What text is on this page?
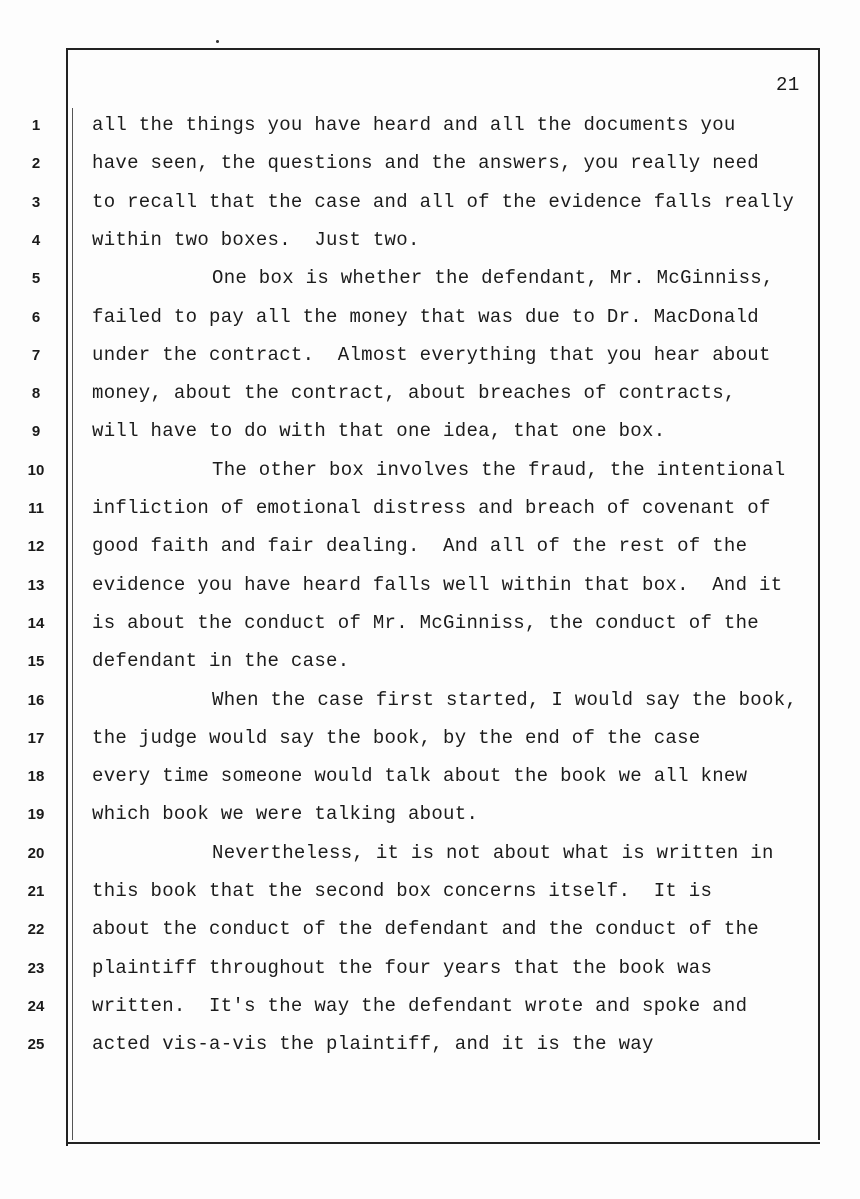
21
1	all the things you have heard and all the documents you
2	have seen, the questions and the answers, you really need
3	to recall that the case and all of the evidence falls really
4	within two boxes.  Just two.
5	One box is whether the defendant, Mr. McGinniss,
6	failed to pay all the money that was due to Dr. MacDonald
7	under the contract.  Almost everything that you hear about
8	money, about the contract, about breaches of contracts,
9	will have to do with that one idea, that one box.
10	The other box involves the fraud, the intentional
11	infliction of emotional distress and breach of covenant of
12	good faith and fair dealing.  And all of the rest of the
13	evidence you have heard falls well within that box.  And it
14	is about the conduct of Mr. McGinniss, the conduct of the
15	defendant in the case.
16	When the case first started, I would say the book,
17	the judge would say the book, by the end of the case
18	every time someone would talk about the book we all knew
19	which book we were talking about.
20	Nevertheless, it is not about what is written in
21	this book that the second box concerns itself.  It is
22	about the conduct of the defendant and the conduct of the
23	plaintiff throughout the four years that the book was
24	written.  It's the way the defendant wrote and spoke and
25	acted vis-a-vis the plaintiff, and it is the way
